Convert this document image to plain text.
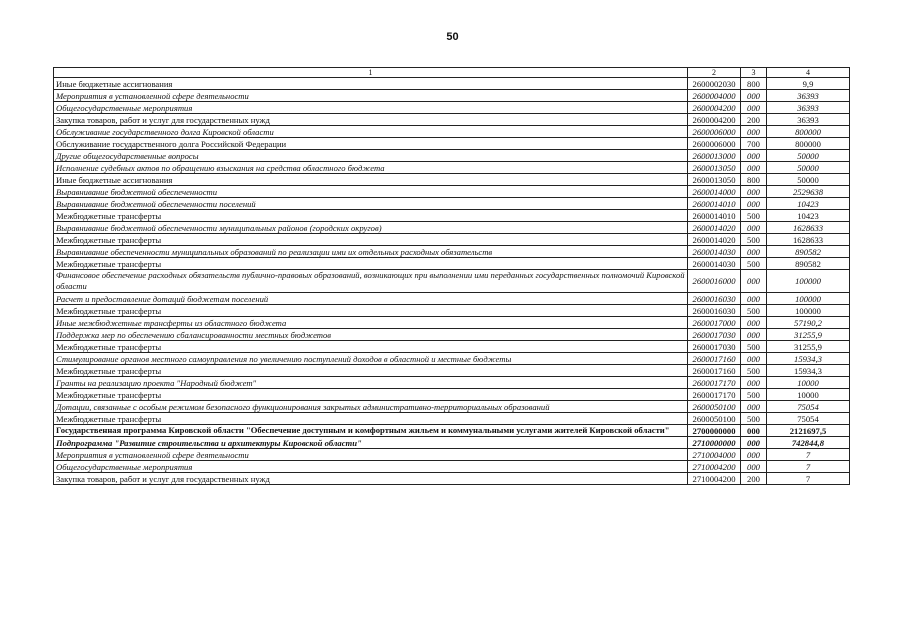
50
1	2	3	4
Иные бюджетные ассигнования	2600002030	800	9,9
Мероприятия в установленной сфере деятельности	2600004000	000	36393
Общегосударственные мероприятия	2600004200	000	36393
Закупка товаров, работ и услуг для государственных нужд	2600004200	200	36393
Обслуживание государственного долга Кировской области	2600006000	000	800000
Обслуживание государственного долга Российской Федерации	2600006000	700	800000
Другие общегосударственные вопросы	2600013000	000	50000
Исполнение судебных актов по обращению взыскания на средства областного бюджета	2600013050	000	50000
Иные бюджетные ассигнования	2600013050	800	50000
Выравнивание бюджетной обеспеченности	2600014000	000	2529638
Выравнивание бюджетной обеспеченности поселений	2600014010	000	10423
Межбюджетные трансферты	2600014010	500	10423
Выравнивание бюджетной обеспеченности муниципальных районов (городских округов)	2600014020	000	1628633
Межбюджетные трансферты	2600014020	500	1628633
Выравнивание обеспеченности муниципальных образований по реализации ими их отдельных расходных обязательств	2600014030	000	890582
Межбюджетные трансферты	2600014030	500	890582
Финансовое обеспечение расходных обязательств публично-правовых образований, возникающих при выполнении ими переданных государственных полномочий Кировской области	2600016000	000	100000
Расчет и предоставление дотаций бюджетам поселений	2600016030	000	100000
Межбюджетные трансферты	2600016030	500	100000
Иные межбюджетные трансферты из областного бюджета	2600017000	000	57190,2
Поддержка мер по обеспечению сбалансированности местных бюджетов	2600017030	000	31255,9
Межбюджетные трансферты	2600017030	500	31255,9
Стимулирование органов местного самоуправления по увеличению поступлений доходов в областной и местные бюджеты	2600017160	000	15934,3
Межбюджетные трансферты	2600017160	500	15934,3
Гранты на реализацию проекта "Народный бюджет"	2600017170	000	10000
Межбюджетные трансферты	2600017170	500	10000
Дотации, связанные с особым режимом безопасного функционирования закрытых административно-территориальных образований	2600050100	000	75054
Межбюджетные трансферты	2600050100	500	75054
Государственная программа Кировской области "Обеспечение доступным и комфортным жильем и коммунальными услугами жителей Кировской области"	2700000000	000	2121697,5
Подпрограмма "Развитие строительства и архитектуры Кировской области"	2710000000	000	742844,8
Мероприятия в установленной сфере деятельности	2710004000	000	7
Общегосударственные мероприятия	2710004200	000	7
Закупка товаров, работ и услуг для государственных нужд	2710004200	200	7
